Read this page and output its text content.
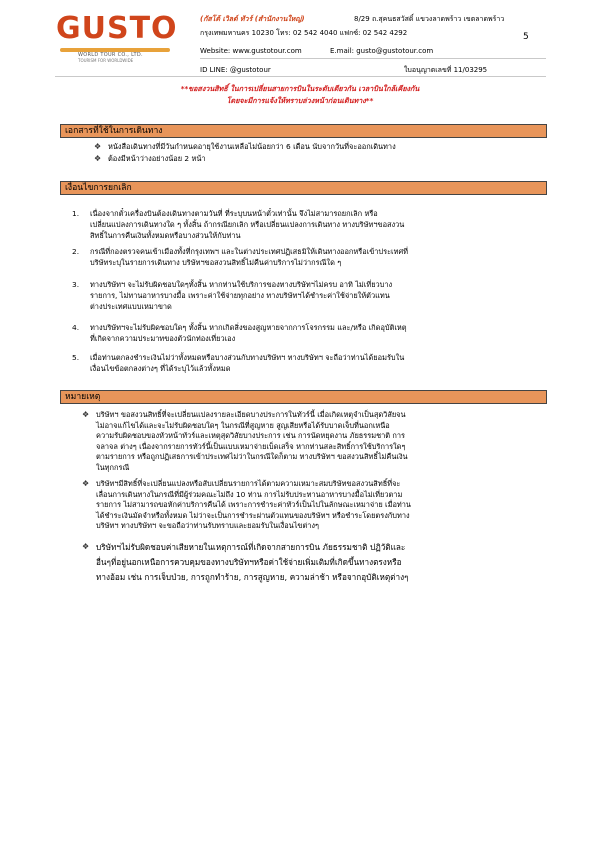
GUSTO
WORLD TOUR CO., LTD.
TOURISM FOR WORLDWIDE
(กัสโต้ เวิลด์ ทัวร์ (สำนักงานใหญ่)	8/29 ถ.สุคนธสวัสดิ์ แขวงลาดพร้าว เขตลาดพร้าว
กรุงเทพมหานคร 10230 โทร: 02 542 4040 แฟกซ์: 02 542 4292	5
Website: www.gustotour.com	E.mail: gusto@gustotour.com
ID LINE: @gustotour	ใบอนุญาตเลขที่ 11/03295
**ขอสงวนสิทธิ์ ในการเปลี่ยนสายการบินในระดับเดียวกัน เวลาบินใกล้เคียงกัน
โดยจะมีการแจ้งให้ทราบล่วงหน้าก่อนเดินทาง**
เอกสารที่ใช้ในการเดินทาง
❖ หนังสือเดินทางที่มีวันกำหนดอายุใช้งานเหลือไม่น้อยกว่า 6 เดือน นับจากวันที่จะออกเดินทาง
❖ ต้องมีหน้าว่างอย่างน้อย 2 หน้า
เงื่อนไขการยกเลิก
1. เนื่องจากตั๋วเครื่องบินต้องเดินทางตามวันที่ ที่ระบุบนหน้าตั๋วเท่านั้น จึงไม่สามารถยกเลิก หรือ
เปลี่ยนแปลงการเดินทางใด ๆ ทั้งสิ้น ถ้ากรณียกเลิก หรือเปลี่ยนแปลงการเดินทาง ทางบริษัทฯขอสงวน
สิทธิ์ในการคืนเงินทั้งหมดหรือบางส่วนให้กับท่าน
2. กรณีที่กองตรวจคนเข้าเมืองทั้งที่กรุงเทพฯ และในต่างประเทศปฏิเสธมิให้เดินทางออกหรือเข้าประเทศที่
บริษัทระบุในรายการเดินทาง บริษัทฯขอสงวนสิทธิ์ไม่คืนค่าบริการไม่ว่ากรณีใด ๆ
3. ทางบริษัทฯ จะไม่รับผิดชอบใดๆทั้งสิ้น หากท่านใช้บริการของทางบริษัทฯไม่ครบ อาทิ ไม่เที่ยวบาง
รายการ, ไม่ทานอาหารบางมื้อ เพราะค่าใช้จ่ายทุกอย่าง ทางบริษัทฯได้ชำระค่าใช้จ่ายให้ตัวแทน
ต่างประเทศแบบเหมาขาด
4. ทางบริษัทฯจะไม่รับผิดชอบใดๆ ทั้งสิ้น หากเกิดสิ่งของสูญหายจากการโจรกรรม และ/หรือ เกิดอุบัติเหตุ
ที่เกิดจากความประมาทของตัวนักท่องเที่ยวเอง
5. เมื่อท่านตกลงชำระเงินไม่ว่าทั้งหมดหรือบางส่วนกับทางบริษัทฯ ทางบริษัทฯ จะถือว่าท่านได้ยอมรับใน
เงื่อนไขข้อตกลงต่างๆ ที่ได้ระบุไว้แล้วทั้งหมด
หมายเหตุ
❖ บริษัทฯ ขอสงวนสิทธิ์ที่จะเปลี่ยนแปลงรายละเอียดบางประการในทัวร์นี้ เมื่อเกิดเหตุจำเป็นสุดวิสัยจน
ไม่อาจแก้ไขได้และจะไม่รับผิดชอบใดๆ ในกรณีที่สูญหาย สูญเสียหรือได้รับบาดเจ็บที่นอกเหนือ
ความรับผิดชอบของหัวหน้าทัวร์และเหตุสุดวิสัยบางประการ เช่น การนัดหยุดงาน ภัยธรรมชาติ การ
จลาจล ต่างๆ เนื่องจากรายการทัวร์นี้เป็นแบบเหมาจ่ายเบ็ดเสร็จ หากท่านสละสิทธิ์การใช้บริการใดๆ
ตามรายการ หรือถูกปฏิเสธการเข้าประเทศไม่ว่าในกรณีใดก็ตาม ทางบริษัทฯ ขอสงวนสิทธิ์ไม่คืนเงิน
ในทุกกรณี
❖ บริษัทฯมีสิทธิ์ที่จะเปลี่ยนแปลงหรือสับเปลี่ยนรายการได้ตามความเหมาะสมบริษัทขอสงวนสิทธิ์ที่จะ
เลื่อนการเดินทางในกรณีที่มีผู้ร่วมคณะไม่ถึง 10 ท่าน การไม่รับประทานอาหารบางมื้อไม่เที่ยวตาม
รายการ ไม่สามารถขอหักค่าบริการคืนได้ เพราะการชำระค่าทัวร์เป็นไปในลักษณะเหมาจ่าย เมื่อท่าน
ได้ชำระเงินมัดจำหรือทั้งหมด ไม่ว่าจะเป็นการชำระผ่านตัวแทนของบริษัทฯ หรือชำระโดยตรงกับทาง
บริษัทฯ ทางบริษัทฯ จะขอถือว่าท่านรับทราบและยอมรับในเงื่อนไขต่างๆ
❖ บริษัทฯไม่รับผิดชอบค่าเสียหายในเหตุการณ์ที่เกิดจากสายการบิน ภัยธรรมชาติ ปฏิวัติและ
อื่นๆที่อยู่นอกเหนือการควบคุมของทางบริษัทฯหรือค่าใช้จ่ายเพิ่มเติมที่เกิดขึ้นทางตรงหรือ
ทางอ้อม เช่น การเจ็บป่วย, การถูกทำร้าย, การสูญหาย, ความล่าช้า หรือจากอุบัติเหตุต่างๆ
